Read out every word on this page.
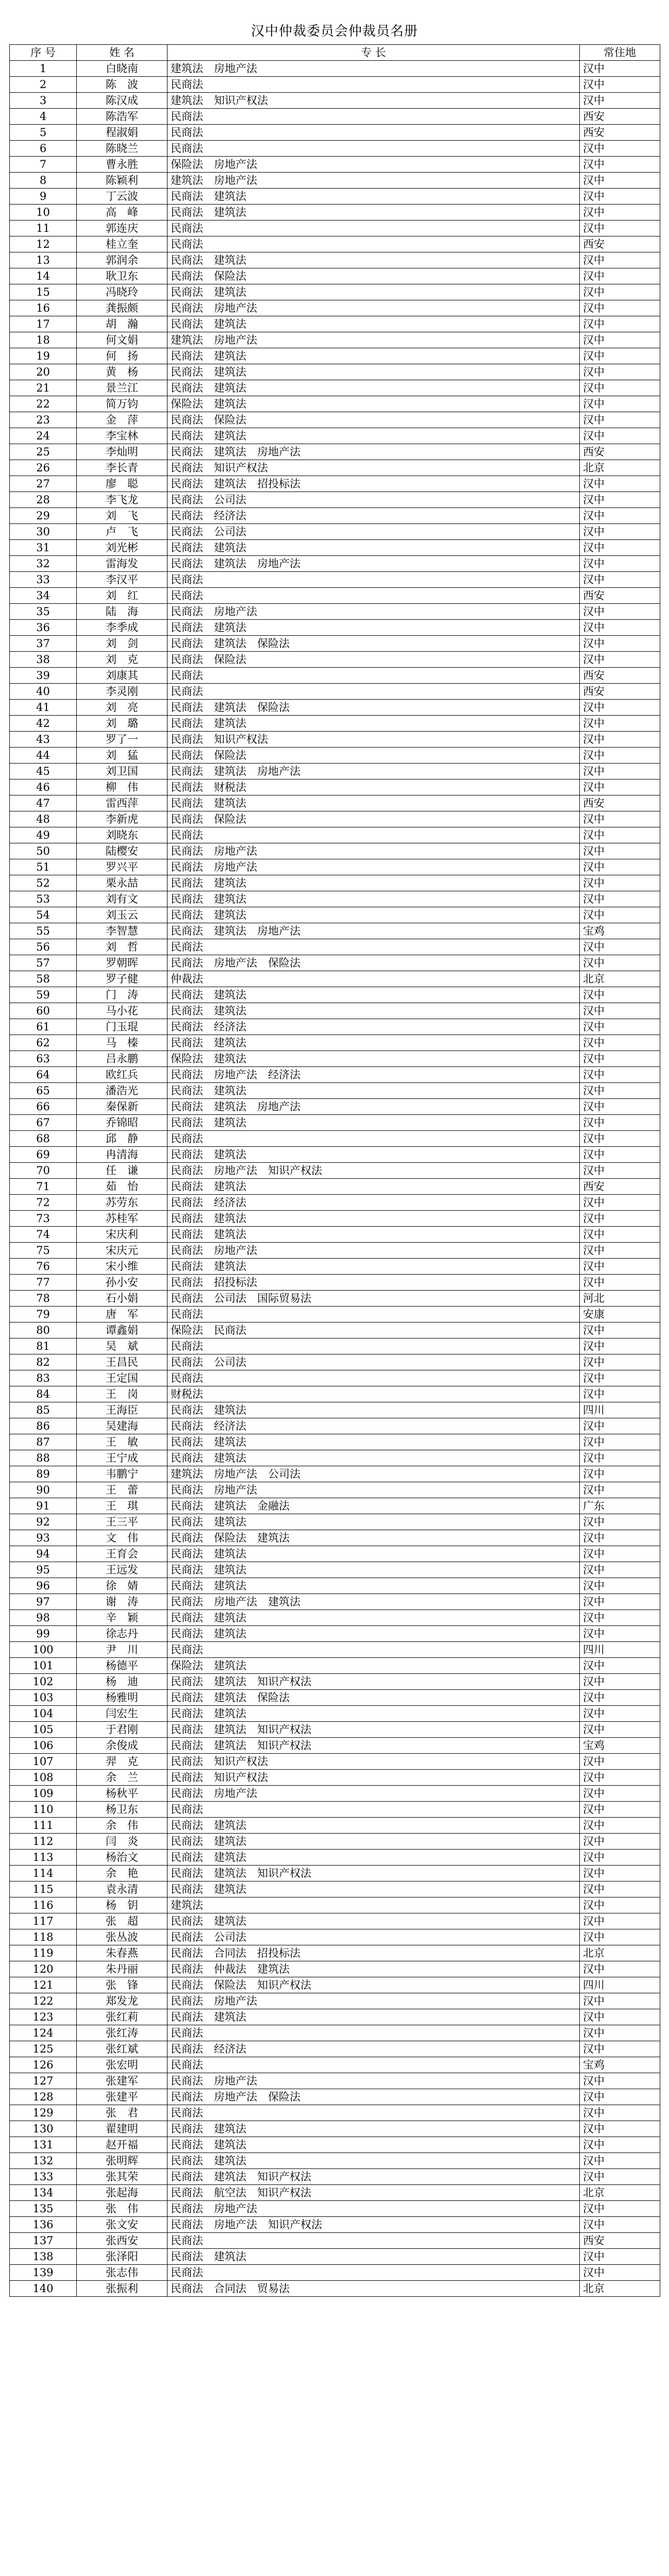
汉中仲裁委员会仲裁员名册
序 号	姓 名	专 长	常住地
1	白晓南	建筑法　房地产法	汉中
2	陈　波	民商法	汉中
3	陈汉成	建筑法　知识产权法	汉中
4	陈浩军	民商法	西安
5	程淑娟	民商法	西安
6	陈晓兰	民商法	汉中
7	曹永胜	保险法　房地产法	汉中
8	陈颖利	建筑法　房地产法	汉中
9	丁云波	民商法　建筑法	汉中
10	高　峰	民商法　建筑法	汉中
11	郭连庆	民商法	汉中
12	桂立奎	民商法	西安
13	郭润余	民商法　建筑法	汉中
14	耿卫东	民商法　保险法	汉中
15	冯晓玲	民商法　建筑法	汉中
16	龚振颇	民商法　房地产法	汉中
17	胡　瀚	民商法　建筑法	汉中
18	何文娟	建筑法　房地产法	汉中
19	何　扬	民商法　建筑法	汉中
20	黄　杨	民商法　建筑法	汉中
21	景兰江	民商法　建筑法	汉中
22	简万钧	保险法　建筑法	汉中
23	金　萍	民商法　保险法	汉中
24	李宝林	民商法　建筑法	汉中
25	李灿明	民商法　建筑法　房地产法	西安
26	李长青	民商法　知识产权法	北京
27	廖　聪	民商法　建筑法　招投标法	汉中
28	李飞龙	民商法　公司法	汉中
29	刘　飞	民商法　经济法	汉中
30	卢　飞	民商法　公司法	汉中
31	刘光彬	民商法　建筑法	汉中
32	雷海发	民商法　建筑法　房地产法	汉中
33	李汉平	民商法	汉中
34	刘　红	民商法	西安
35	陆　海	民商法　房地产法	汉中
36	李季成	民商法　建筑法	汉中
37	刘　剑	民商法　建筑法　保险法	汉中
38	刘　克	民商法　保险法	汉中
39	刘康其	民商法	西安
40	李灵刚	民商法	西安
41	刘　亮	民商法　建筑法　保险法	汉中
42	刘　璐	民商法　建筑法	汉中
43	罗了一	民商法　知识产权法	汉中
44	刘　猛	民商法　保险法	汉中
45	刘卫国	民商法　建筑法　房地产法	汉中
46	柳　伟	民商法　财税法	汉中
47	雷西萍	民商法　建筑法	西安
48	李新虎	民商法　保险法	汉中
49	刘晓东	民商法	汉中
50	陆樱安	民商法　房地产法	汉中
51	罗兴平	民商法　房地产法	汉中
52	栗永喆	民商法　建筑法	汉中
53	刘有文	民商法　建筑法	汉中
54	刘玉云	民商法　建筑法	汉中
55	李智慧	民商法　建筑法　房地产法	宝鸡
56	刘　哲	民商法	汉中
57	罗朝晖	民商法　房地产法　保险法	汉中
58	罗子健	仲裁法	北京
59	门　涛	民商法　建筑法	汉中
60	马小花	民商法　建筑法	汉中
61	门玉琨	民商法　经济法	汉中
62	马　榛	民商法　建筑法	汉中
63	吕永鹏	保险法　建筑法	汉中
64	欧红兵	民商法　房地产法　经济法	汉中
65	潘浩光	民商法　建筑法	汉中
66	秦保新	民商法　建筑法　房地产法	汉中
67	乔锦昭	民商法　建筑法	汉中
68	邱　静	民商法	汉中
69	冉清海	民商法　建筑法	汉中
70	任　谦	民商法　房地产法　知识产权法	汉中
71	茹　怡	民商法　建筑法	西安
72	苏劳东	民商法　经济法	汉中
73	苏桂军	民商法　建筑法	汉中
74	宋庆利	民商法　建筑法	汉中
75	宋庆元	民商法　房地产法	汉中
76	宋小维	民商法　建筑法	汉中
77	孙小安	民商法　招投标法	汉中
78	石小娟	民商法　公司法　国际贸易法	河北
79	唐　军	民商法	安康
80	谭鑫娟	保险法　民商法	汉中
81	吴　斌	民商法	汉中
82	王昌民	民商法　公司法	汉中
83	王定国	民商法	汉中
84	王　岗	财税法	汉中
85	王海臣	民商法　建筑法	四川
86	吴建海	民商法　经济法	汉中
87	王　敏	民商法　建筑法	汉中
88	王宁成	民商法　建筑法	汉中
89	韦鹏宁	建筑法　房地产法　公司法	汉中
90	王　蕾	民商法　房地产法	汉中
91	王　琪	民商法　建筑法　金融法	广东
92	王三平	民商法　建筑法	汉中
93	文　伟	民商法　保险法　建筑法	汉中
94	王育会	民商法　建筑法	汉中
95	王远发	民商法　建筑法	汉中
96	徐　婧	民商法　建筑法	汉中
97	谢　涛	民商法　房地产法　建筑法	汉中
98	辛　颖	民商法　建筑法	汉中
99	徐志丹	民商法　建筑法	汉中
100	尹　川	民商法	四川
101	杨德平	保险法　建筑法	汉中
102	杨　迪	民商法　建筑法　知识产权法	汉中
103	杨雅明	民商法　建筑法　保险法	汉中
104	闫宏生	民商法　建筑法	汉中
105	于君刚	民商法　建筑法　知识产权法	汉中
106	余俊成	民商法　建筑法　知识产权法	宝鸡
107	羿　克	民商法　知识产权法	汉中
108	余　兰	民商法　知识产权法	汉中
109	杨秋平	民商法　房地产法	汉中
110	杨卫东	民商法	汉中
111	余　伟	民商法　建筑法	汉中
112	闫　炎	民商法　建筑法	汉中
113	杨治文	民商法　建筑法	汉中
114	余　艳	民商法　建筑法　知识产权法	汉中
115	袁永清	民商法　建筑法	汉中
116	杨　钥	建筑法	汉中
117	张　超	民商法　建筑法	汉中
118	张丛波	民商法　公司法	汉中
119	朱春燕	民商法　合同法　招投标法	北京
120	朱丹丽	民商法　仲裁法　建筑法	汉中
121	张　锋	民商法　保险法　知识产权法	四川
122	郑发龙	民商法　房地产法	汉中
123	张红莉	民商法　建筑法	汉中
124	张红涛	民商法	汉中
125	张红斌	民商法　经济法	汉中
126	张宏明	民商法	宝鸡
127	张建军	民商法　房地产法	汉中
128	张建平	民商法　房地产法　保险法	汉中
129	张　君	民商法	汉中
130	翟建明	民商法　建筑法	汉中
131	赵开福	民商法　建筑法	汉中
132	张明辉	民商法　建筑法	汉中
133	张其荣	民商法　建筑法　知识产权法	汉中
134	张起海	民商法　航空法　知识产权法	北京
135	张　伟	民商法　房地产法	汉中
136	张文安	民商法　房地产法　知识产权法	汉中
137	张西安	民商法	西安
138	张泽阳	民商法　建筑法	汉中
139	张志伟	民商法	汉中
140	张振利	民商法　合同法　贸易法	北京
